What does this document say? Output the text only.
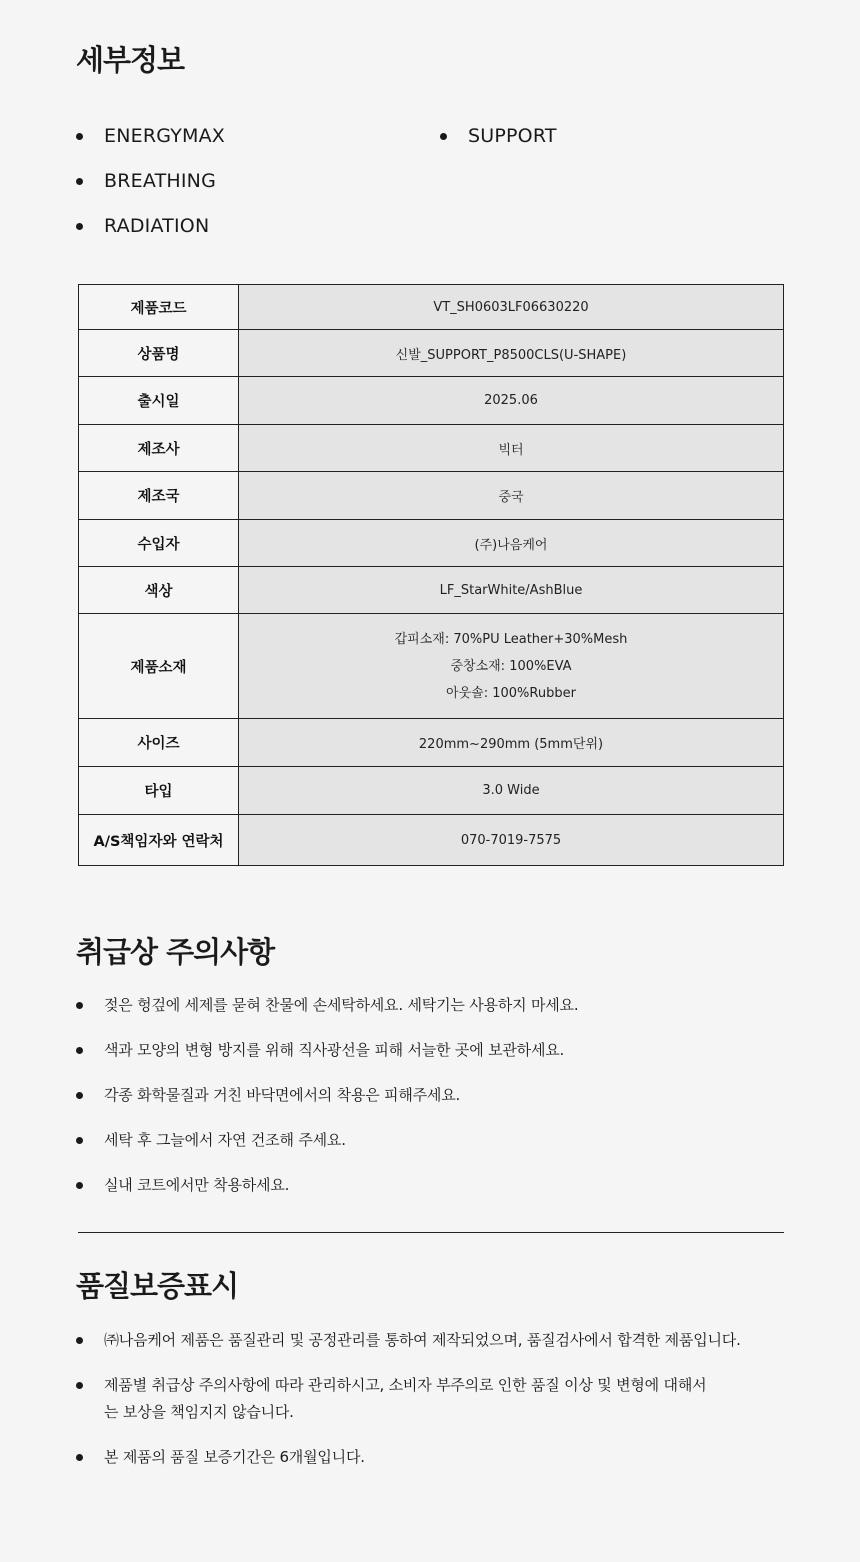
세부정보
ENERGYMAX
BREATHING
RADIATION
SUPPORT
제품코드	VT_SH0603LF06630220
상품명	신발_SUPPORT_P8500CLS(U-SHAPE)
출시일	2025.06
제조사	빅터
제조국	중국
수입자	(주)나음케어
색상	LF_StarWhite/AshBlue
제품소재	갑피소재: 70%PU Leather+30%Mesh
중창소재: 100%EVA
아웃솔: 100%Rubber

사이즈	220mm~290mm (5mm단위)
타입	3.0 Wide
A/S책임자와 연락처	070-7019-7575
취급상 주의사항
젖은 헝겊에 세제를 묻혀 찬물에 손세탁하세요. 세탁기는 사용하지 마세요.
색과 모양의 변형 방지를 위해 직사광선을 피해 서늘한 곳에 보관하세요.
각종 화학물질과 거친 바닥면에서의 착용은 피해주세요.
세탁 후 그늘에서 자연 건조해 주세요.
실내 코트에서만 착용하세요.
품질보증표시
㈜나음케어 제품은 품질관리 및 공정관리를 통하여 제작되었으며, 품질검사에서 합격한 제품입니다.
제품별 취급상 주의사항에 따라 관리하시고, 소비자 부주의로 인한 품질 이상 및 변형에 대해서는 보상을 책임지지 않습니다.
본 제품의 품질 보증기간은 6개월입니다.
